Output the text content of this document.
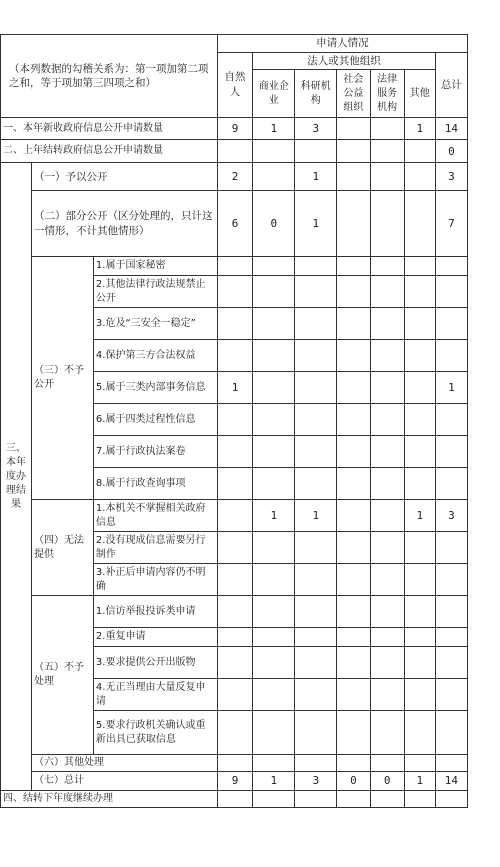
（本列数据的勾稽关系为：第一项加第二项之和，等于项加第三四项之和）			申请人情况						
			自然人	法人或其他组织					总计
				商业企业	科研机构	社会公益组织	法律服务机构	其他	
一、本年新收政府信息公开申请数量			9	1	3			1	14
二、上年结转政府信息公开申请数量									0
三、本年度办理结果	（一）予以公开		2		1				3
	（二）部分公开（区分处理的，只计这一情形，不计其他情形）		6	0	1				7
	（三）不予公开	1.属于国家秘密							
		2.其他法律行政法规禁止公开							
		3.危及“三安全一稳定”							
		4.保护第三方合法权益							
		5.属于三类内部事务信息	1						1
		6.属于四类过程性信息							
		7.属于行政执法案卷							
		8.属于行政查询事项							
	（四）无法提供	1.本机关不掌握相关政府信息		1	1			1	3
		2.没有现成信息需要另行制作							
		3.补正后申请内容仍不明确							
	（五）不予处理	1.信访举报投诉类申请							
		2.重复申请							
		3.要求提供公开出版物							
		4.无正当理由大量反复申请							
		5.要求行政机关确认或重新出具已获取信息							
	（六）其他处理								
	（七）总计		9	1	3	0	0	1	14
四、结转下年度继续办理									
